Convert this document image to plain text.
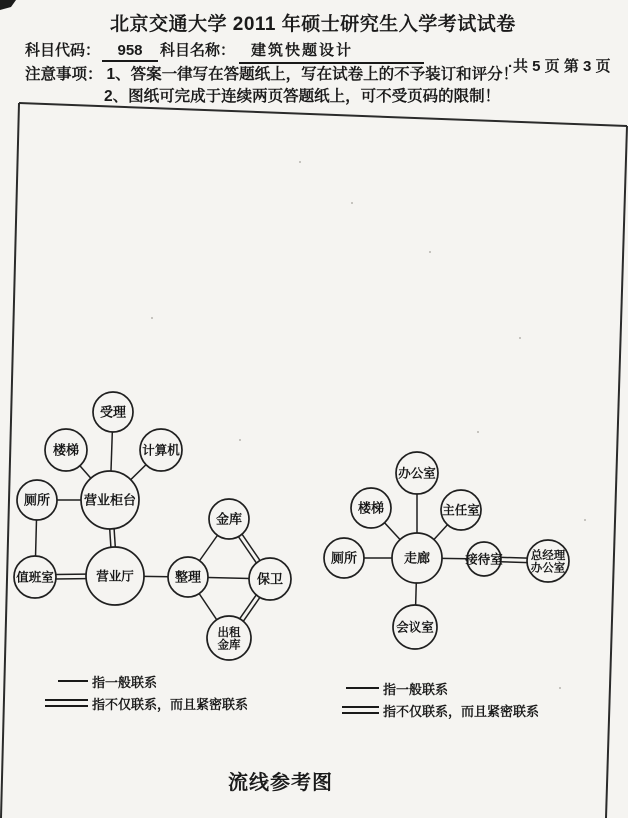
受理
楼梯	计算机
营业柜台
厕所
值班室	营业厅	整理
金库
保卫
出租
金库
办公室
楼梯	主任室
厕所	走廊	接待室 总经理
办公室
会议室
北京交通大学 2011 年硕士研究生入学考试试卷
科目代码： 958 科目名称： 建筑快题设计
·共 5 页 第 3 页
注意事项： 1、答案一律写在答题纸上，写在试卷上的不予装订和评分！
2、图纸可完成于连续两页答题纸上，可不受页码的限制！
指一般联系
指不仅联系，而且紧密联系
指一般联系
指不仅联系，而且紧密联系
流线参考图
